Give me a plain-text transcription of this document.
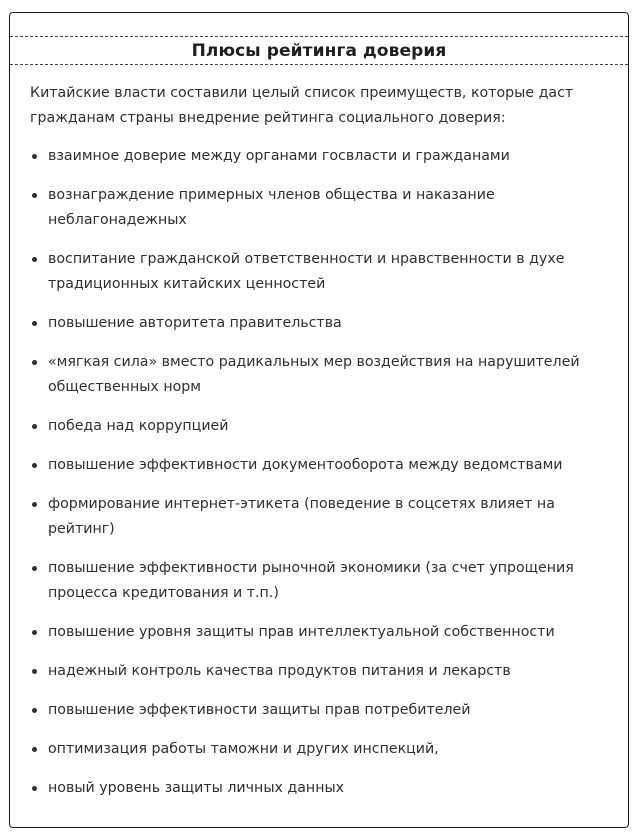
Плюсы рейтинга доверия

Китайские власти составили целый список преимуществ, которые даст гражданам страны внедрение рейтинга социального доверия:

взаимное доверие между органами госвласти и гражданами
вознаграждение примерных членов общества и наказание неблагонадежных
воспитание гражданской ответственности и нравственности в духе традиционных китайских ценностей
повышение авторитета правительства
«мягкая сила» вместо радикальных мер воздействия на нарушителей общественных норм
победа над коррупцией
повышение эффективности документооборота между ведомствами
формирование интернет-этикета (поведение в соцсетях влияет на рейтинг)
повышение эффективности рыночной экономики (за счет упрощения процесса кредитования и т.п.)
повышение уровня защиты прав интеллектуальной собственности
надежный контроль качества продуктов питания и лекарств
повышение эффективности защиты прав потребителей
оптимизация работы таможни и других инспекций,
новый уровень защиты личных данных
